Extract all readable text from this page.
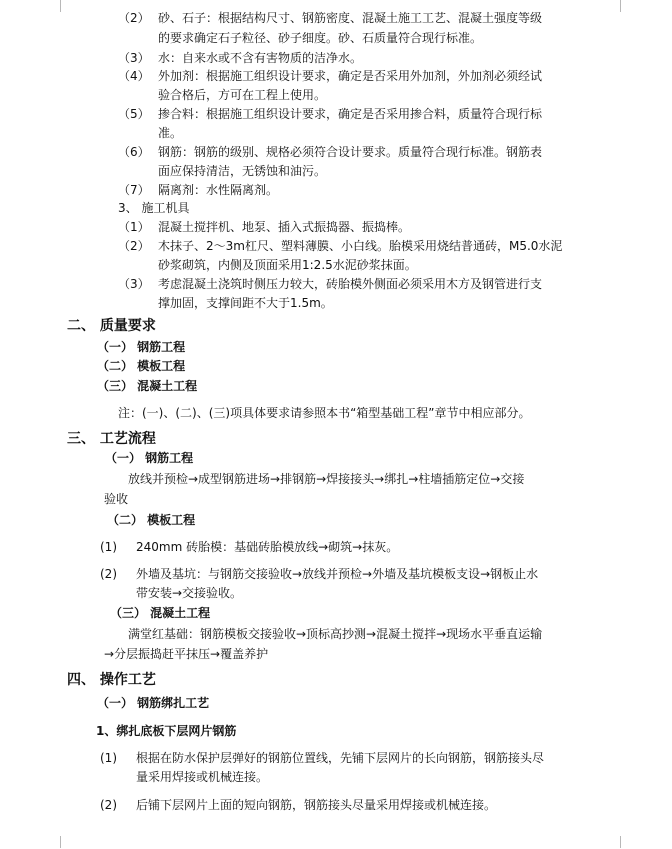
（2） 砂、石子：根据结构尺寸、钢筋密度、混凝土施工工艺、混凝土强度等级
的要求确定石子粒径、砂子细度。砂、石质量符合现行标准。
（3） 水：自来水或不含有害物质的洁净水。
（4） 外加剂：根据施工组织设计要求，确定是否采用外加剂，外加剂必须经试
验合格后，方可在工程上使用。
（5） 掺合料：根据施工组织设计要求，确定是否采用掺合料，质量符合现行标
准。
（6） 钢筋：钢筋的级别、规格必须符合设计要求。质量符合现行标准。钢筋表
面应保持清洁，无锈蚀和油污。
（7） 隔离剂：水性隔离剂。
3、 施工机具
（1） 混凝土搅拌机、地泵、插入式振捣器、振捣棒。
（2） 木抹子、2～3m杠尺、塑料薄膜、小白线。胎模采用烧结普通砖，M5.0水泥
砂浆砌筑，内侧及顶面采用1:2.5水泥砂浆抹面。
（3） 考虑混凝土浇筑时侧压力较大，砖胎模外侧面必须采用木方及钢管进行支
撑加固，支撑间距不大于1.5m。
二、 质量要求
（一） 钢筋工程
（二） 模板工程
（三） 混凝土工程
注：(一)、(二)、(三)项具体要求请参照本书“箱型基础工程”章节中相应部分。
三、 工艺流程
（一） 钢筋工程
放线并预检→成型钢筋进场→排钢筋→焊接接头→绑扎→柱墙插筋定位→交接
验收
（二） 模板工程
(1) 240mm 砖胎模：基础砖胎模放线→砌筑→抹灰。
(2) 外墙及基坑：与钢筋交接验收→放线并预检→外墙及基坑模板支设→钢板止水
带安装→交接验收。
（三） 混凝土工程
满堂红基础：钢筋模板交接验收→顶标高抄测→混凝土搅拌→现场水平垂直运输
→分层振捣赶平抹压→覆盖养护
四、 操作工艺
（一） 钢筋绑扎工艺
1、绑扎底板下层网片钢筋
(1) 根据在防水保护层弹好的钢筋位置线，先铺下层网片的长向钢筋，钢筋接头尽
量采用焊接或机械连接。
(2) 后铺下层网片上面的短向钢筋，钢筋接头尽量采用焊接或机械连接。
